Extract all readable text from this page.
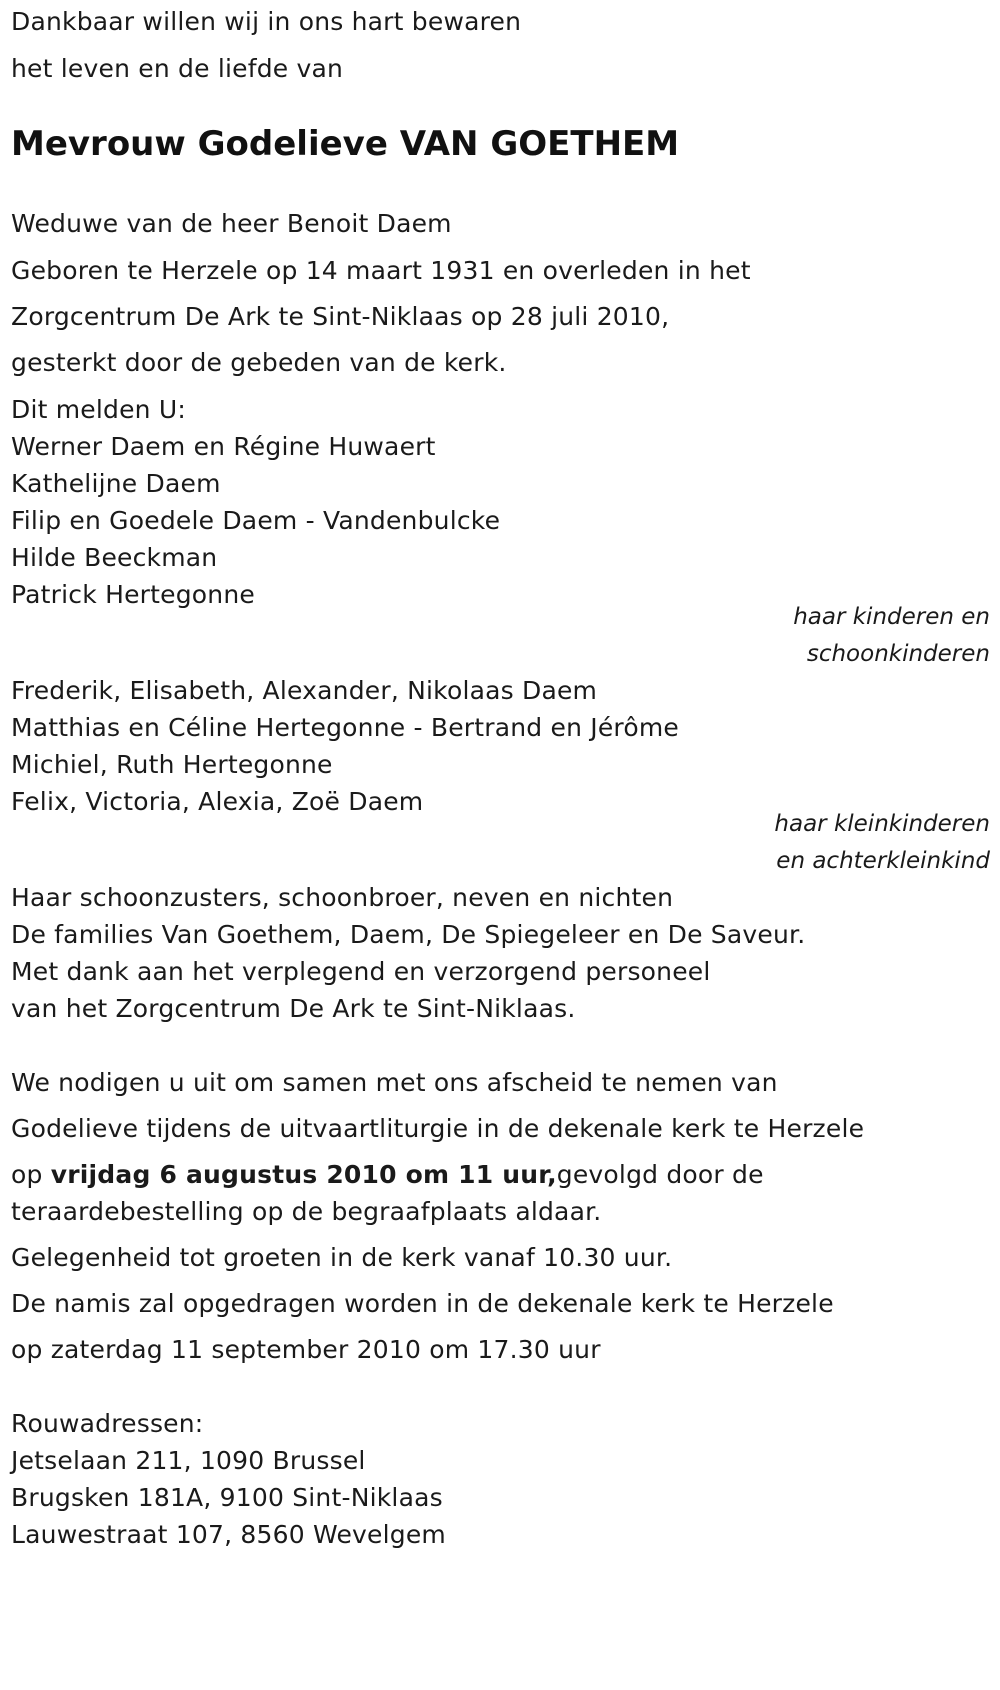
Dankbaar willen wij in ons hart bewaren
het leven en de liefde van
Mevrouw Godelieve VAN GOETHEM
Weduwe van de heer Benoit Daem
Geboren te Herzele op 14 maart 1931 en overleden in het
Zorgcentrum De Ark te Sint-Niklaas op 28 juli 2010,
gesterkt door de gebeden van de kerk.
Dit melden U:
Werner Daem en Régine Huwaert
Kathelijne Daem
Filip en Goedele Daem - Vandenbulcke
Hilde Beeckman
Patrick Hertegonne
haar kinderen en
schoonkinderen
Frederik, Elisabeth, Alexander, Nikolaas Daem
Matthias en Céline Hertegonne - Bertrand en Jérôme
Michiel, Ruth Hertegonne
Felix, Victoria, Alexia, Zoë Daem
haar kleinkinderen
en achterkleinkind
Haar schoonzusters, schoonbroer, neven en nichten
De families Van Goethem, Daem, De Spiegeleer en De Saveur.
Met dank aan het verplegend en verzorgend personeel
van het Zorgcentrum De Ark te Sint-Niklaas.
We nodigen u uit om samen met ons afscheid te nemen van
Godelieve tijdens de uitvaartliturgie in de dekenale kerk te Herzele
op vrijdag 6 augustus 2010 om 11 uur,gevolgd door de
teraardebestelling op de begraafplaats aldaar.
Gelegenheid tot groeten in de kerk vanaf 10.30 uur.
De namis zal opgedragen worden in de dekenale kerk te Herzele
op zaterdag 11 september 2010 om 17.30 uur
Rouwadressen:
Jetselaan 211, 1090 Brussel
Brugsken 181A, 9100 Sint-Niklaas
Lauwestraat 107, 8560 Wevelgem
